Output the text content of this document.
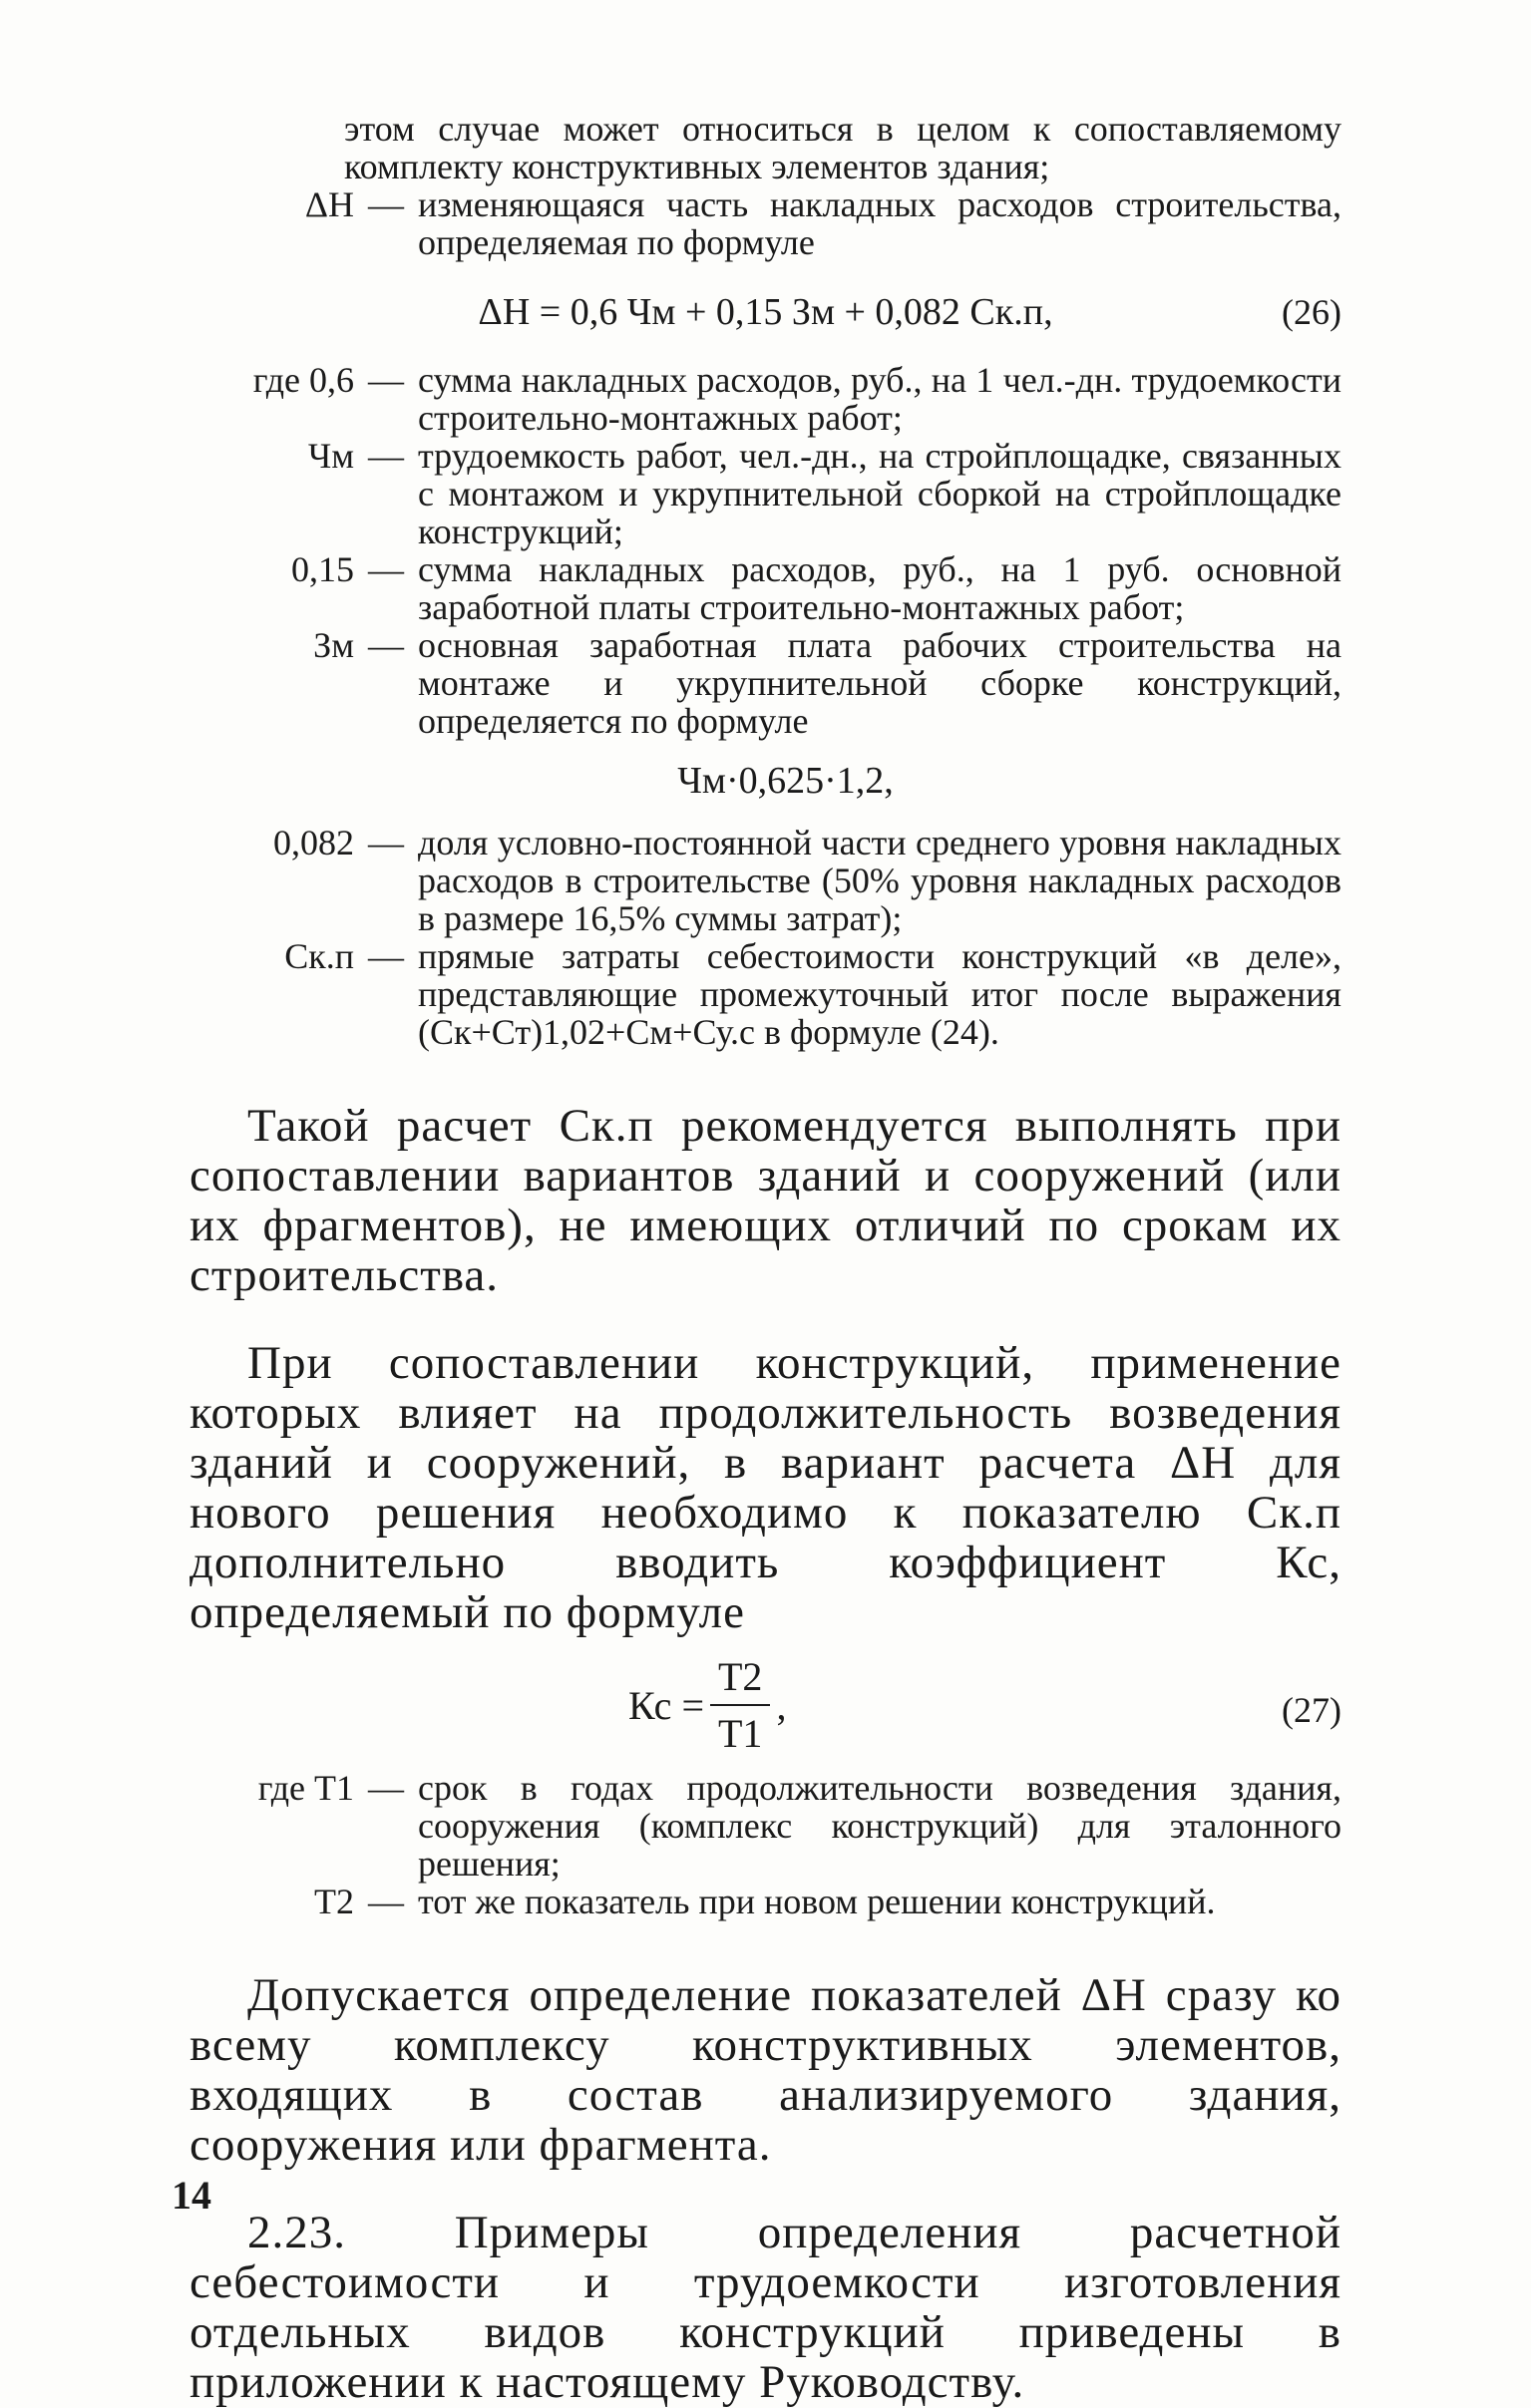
этом случае может относиться в целом к сопоставляемому комплекту конструктивных элементов здания;
ΔН — изменяющаяся часть накладных расходов строительства, определяемая по формуле
ΔН = 0,6 Чм + 0,15 Зм + 0,082 Ск.п,	(26)
где 0,6 — сумма накладных расходов, руб., на 1 чел.-дн. трудоемкости строительно-монтажных работ;
Чм — трудоемкость работ, чел.-дн., на стройплощадке, связанных с монтажом и укрупнительной сборкой на стройплощадке конструкций;
0,15 — сумма накладных расходов, руб., на 1 руб. основной заработной платы строительно-монтажных работ;
Зм — основная заработная плата рабочих строительства на монтаже и укрупнительной сборке конструкций, определяется по формуле
Чм·0,625·1,2,
0,082 — доля условно-постоянной части среднего уровня накладных расходов в строительстве (50% уровня накладных расходов в размере 16,5% суммы затрат);
Ск.п — прямые затраты себестоимости конструкций «в деле», представляющие промежуточный итог после выражения (Ск+Ст)1,02+См+Су.с в формуле (24).

Такой расчет Ск.п рекомендуется выполнять при сопоставлении вариантов зданий и сооружений (или их фрагментов), не имеющих отличий по срокам их строительства.

При сопоставлении конструкций, применение которых влияет на продолжительность возведения зданий и сооружений, в вариант расчета ΔН для нового решения необходимо к показателю Ск.п дополнительно вводить коэффициент Кс, определяемый по формуле

Кс = $\frac{Т2}{Т1}$ ,	(27)
где Т1 — срок в годах продолжительности возведения здания, сооружения (комплекс конструкций) для эталонного решения;
Т2 — тот же показатель при новом решении конструкций.

Допускается определение показателей ΔН сразу ко всему комплексу конструктивных элементов, входящих в состав анализируемого здания, сооружения или фрагмента.

2.23. Примеры определения расчетной себестоимости и трудоемкости изготовления отдельных видов конструкций приведены в приложении к настоящему Руководству.

14
